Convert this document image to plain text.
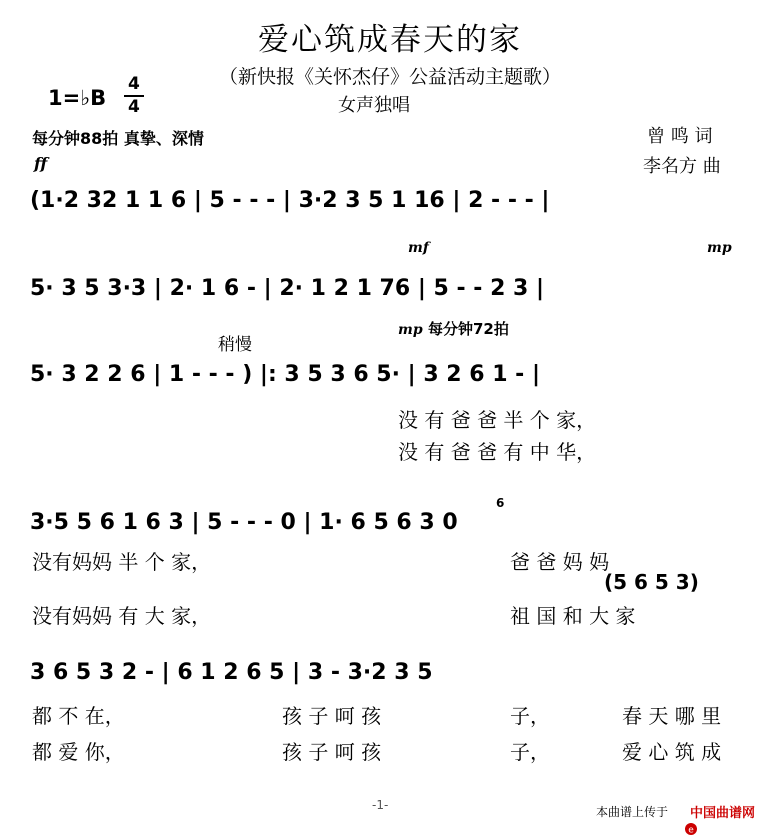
爱心筑成春天的家
（新快报《关怀杰仔》公益活动主题歌）
1=♭B
4
4	女声独唱
每分钟88拍 真挚、深情	曾 鸣 词
李名方 曲
ff
(1·2 32 1 1 6 | 5 - - - | 3·2 3 5 1 16 | 2 - - - |
mf	mp
5· 3 5 3·3 | 2· 1 6 - | 2· 1 2 1 76 | 5 - - 2 3 |
稍慢
mp 每分钟72拍
5· 3 2 2 6 | 1 - - - ) |: 3 5 3 6 5· | 3 2 6 1 - |
没 有 爸 爸 半 个 家，
没 有 爸 爸 有 中 华，
6
3·5 5 6 1 6 3 | 5 - - - 0 | 1· 6 5 6 3 0
没有妈妈 半 个 家，	爸 爸 妈 妈
(5 6 5 3)
没有妈妈 有 大 家，	祖 国 和 大 家
3 6 5 3 2 - | 6 1 2 6 5 | 3 - 3·2 3 5
都 不 在，	孩 子 呵 孩	子，	春 天 哪 里
都 爱 你，	孩 子 呵 孩	子，	爱 心 筑 成
-1-	本曲谱上传于

e

中国曲谱网
